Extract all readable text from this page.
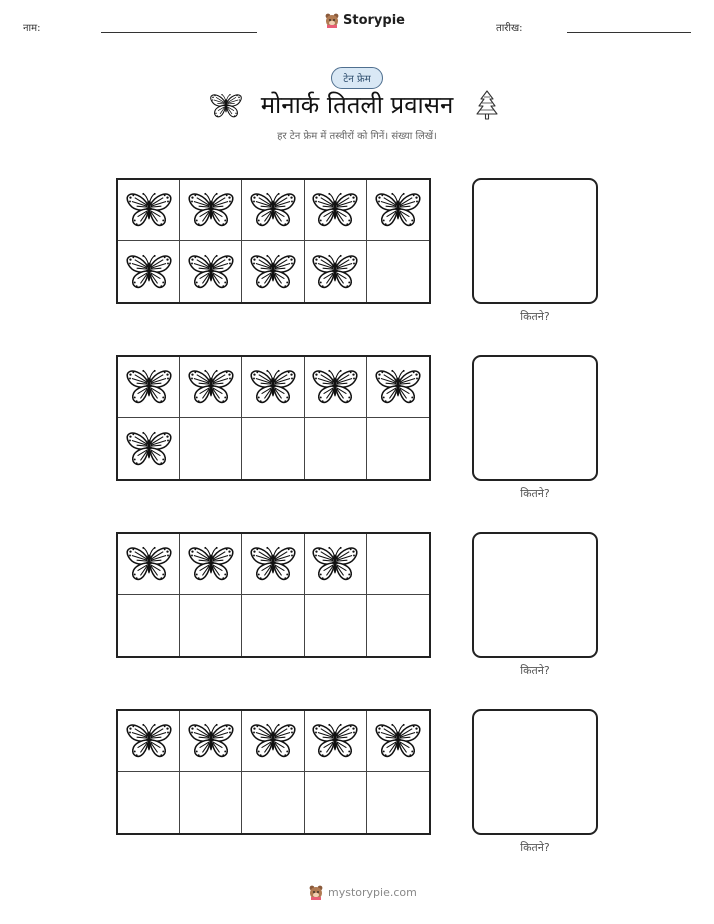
नाम:
Storypie
तारीख:
टेन फ्रेम
मोनार्क तितली प्रवासन
हर टेन फ्रेम में तस्वीरों को गिनें। संख्या लिखें।
कितने?
कितने?
कितने?
कितने?
mystorypie.com
